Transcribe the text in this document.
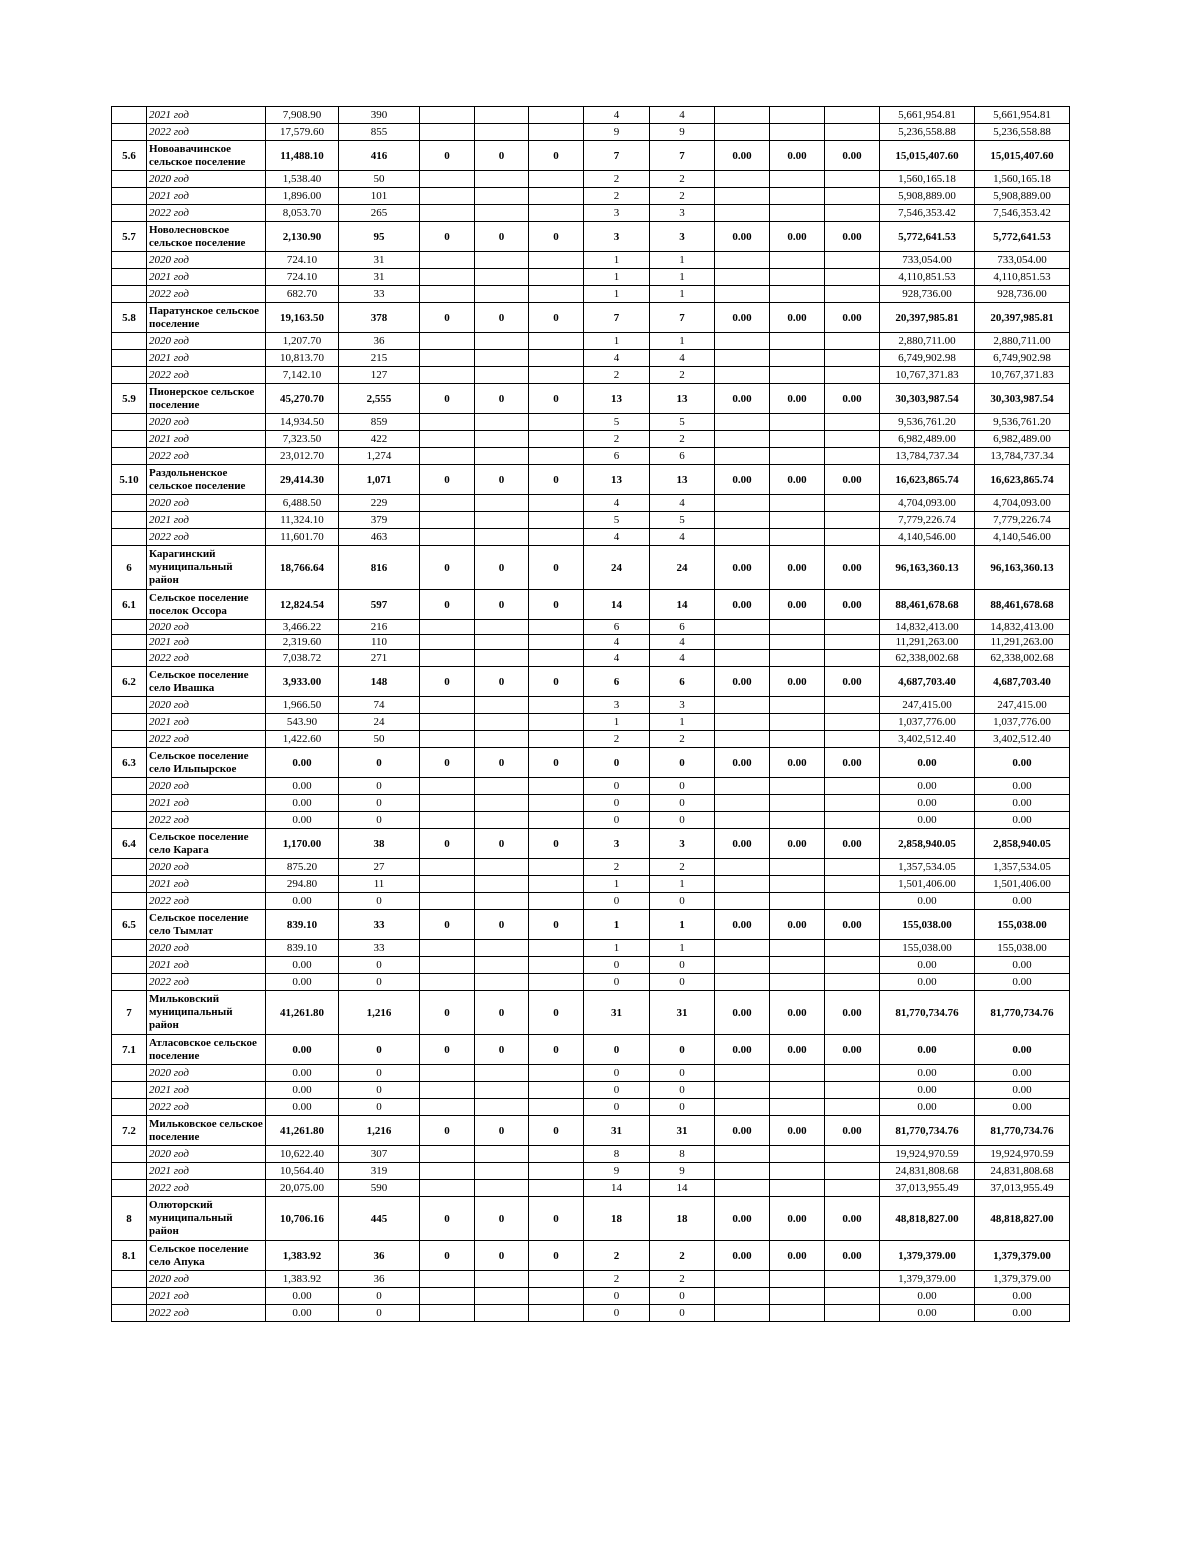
	2021 год	7,908.90	390				4	4				5,661,954.81	5,661,954.81
	2022 год	17,579.60	855				9	9				5,236,558.88	5,236,558.88
5.6	Новоавачинское сельское поселение	11,488.10	416	0	0	0	7	7	0.00	0.00	0.00	15,015,407.60	15,015,407.60
	2020 год	1,538.40	50				2	2				1,560,165.18	1,560,165.18
	2021 год	1,896.00	101				2	2				5,908,889.00	5,908,889.00
	2022 год	8,053.70	265				3	3				7,546,353.42	7,546,353.42
5.7	Новолесновское сельское поселение	2,130.90	95	0	0	0	3	3	0.00	0.00	0.00	5,772,641.53	5,772,641.53
	2020 год	724.10	31				1	1				733,054.00	733,054.00
	2021 год	724.10	31				1	1				4,110,851.53	4,110,851.53
	2022 год	682.70	33				1	1				928,736.00	928,736.00
5.8	Паратунское сельское поселение	19,163.50	378	0	0	0	7	7	0.00	0.00	0.00	20,397,985.81	20,397,985.81
	2020 год	1,207.70	36				1	1				2,880,711.00	2,880,711.00
	2021 год	10,813.70	215				4	4				6,749,902.98	6,749,902.98
	2022 год	7,142.10	127				2	2				10,767,371.83	10,767,371.83
5.9	Пионерское сельское поселение	45,270.70	2,555	0	0	0	13	13	0.00	0.00	0.00	30,303,987.54	30,303,987.54
	2020 год	14,934.50	859				5	5				9,536,761.20	9,536,761.20
	2021 год	7,323.50	422				2	2				6,982,489.00	6,982,489.00
	2022 год	23,012.70	1,274				6	6				13,784,737.34	13,784,737.34
5.10	Раздольненское сельское поселение	29,414.30	1,071	0	0	0	13	13	0.00	0.00	0.00	16,623,865.74	16,623,865.74
	2020 год	6,488.50	229				4	4				4,704,093.00	4,704,093.00
	2021 год	11,324.10	379				5	5				7,779,226.74	7,779,226.74
	2022 год	11,601.70	463				4	4				4,140,546.00	4,140,546.00
6	Карагинский муниципальный район	18,766.64	816	0	0	0	24	24	0.00	0.00	0.00	96,163,360.13	96,163,360.13
6.1	Сельское поселение поселок Оссора	12,824.54	597	0	0	0	14	14	0.00	0.00	0.00	88,461,678.68	88,461,678.68
	2020 год	3,466.22	216				6	6				14,832,413.00	14,832,413.00
	2021 год	2,319.60	110				4	4				11,291,263.00	11,291,263.00
	2022 год	7,038.72	271				4	4				62,338,002.68	62,338,002.68
6.2	Сельское поселение село Ивашка	3,933.00	148	0	0	0	6	6	0.00	0.00	0.00	4,687,703.40	4,687,703.40
	2020 год	1,966.50	74				3	3				247,415.00	247,415.00
	2021 год	543.90	24				1	1				1,037,776.00	1,037,776.00
	2022 год	1,422.60	50				2	2				3,402,512.40	3,402,512.40
6.3	Сельское поселение село Ильпырское	0.00	0	0	0	0	0	0	0.00	0.00	0.00	0.00	0.00
	2020 год	0.00	0				0	0				0.00	0.00
	2021 год	0.00	0				0	0				0.00	0.00
	2022 год	0.00	0				0	0				0.00	0.00
6.4	Сельское поселение село Карага	1,170.00	38	0	0	0	3	3	0.00	0.00	0.00	2,858,940.05	2,858,940.05
	2020 год	875.20	27				2	2				1,357,534.05	1,357,534.05
	2021 год	294.80	11				1	1				1,501,406.00	1,501,406.00
	2022 год	0.00	0				0	0				0.00	0.00
6.5	Сельское поселение село Тымлат	839.10	33	0	0	0	1	1	0.00	0.00	0.00	155,038.00	155,038.00
	2020 год	839.10	33				1	1				155,038.00	155,038.00
	2021 год	0.00	0				0	0				0.00	0.00
	2022 год	0.00	0				0	0				0.00	0.00
7	Мильковский муниципальный район	41,261.80	1,216	0	0	0	31	31	0.00	0.00	0.00	81,770,734.76	81,770,734.76
7.1	Атласовское сельское поселение	0.00	0	0	0	0	0	0	0.00	0.00	0.00	0.00	0.00
	2020 год	0.00	0				0	0				0.00	0.00
	2021 год	0.00	0				0	0				0.00	0.00
	2022 год	0.00	0				0	0				0.00	0.00
7.2	Мильковское сельское поселение	41,261.80	1,216	0	0	0	31	31	0.00	0.00	0.00	81,770,734.76	81,770,734.76
	2020 год	10,622.40	307				8	8				19,924,970.59	19,924,970.59
	2021 год	10,564.40	319				9	9				24,831,808.68	24,831,808.68
	2022 год	20,075.00	590				14	14				37,013,955.49	37,013,955.49
8	Олюторский муниципальный район	10,706.16	445	0	0	0	18	18	0.00	0.00	0.00	48,818,827.00	48,818,827.00
8.1	Сельское поселение село Апука	1,383.92	36	0	0	0	2	2	0.00	0.00	0.00	1,379,379.00	1,379,379.00
	2020 год	1,383.92	36				2	2				1,379,379.00	1,379,379.00
	2021 год	0.00	0				0	0				0.00	0.00
	2022 год	0.00	0				0	0				0.00	0.00
